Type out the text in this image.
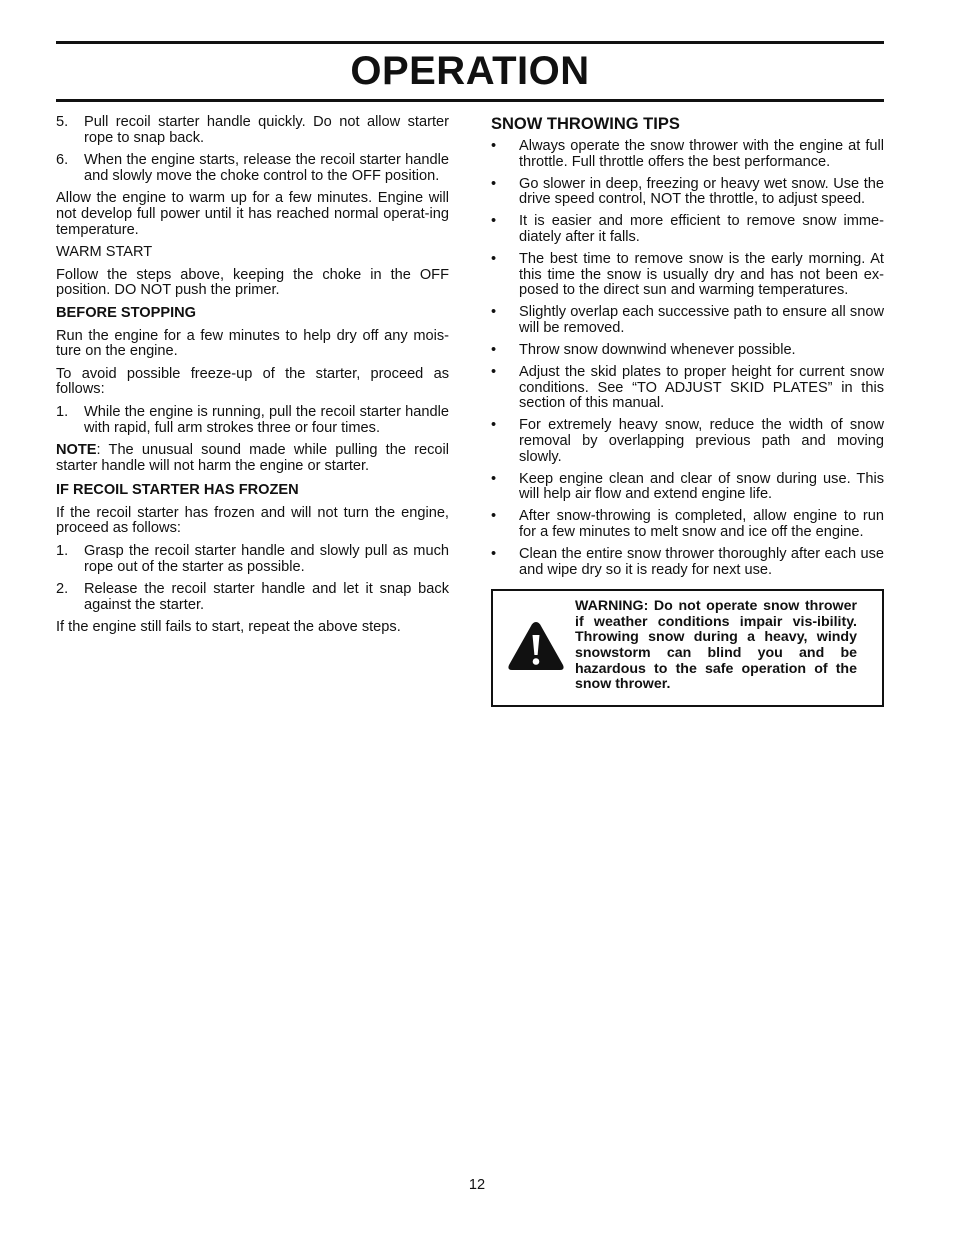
OPERATION
5. Pull recoil starter handle quickly. Do not allow starter rope to snap back.
6. When the engine starts, release the recoil starter handle and slowly move the choke control to the OFF position.

Allow the engine to warm up for a few minutes. Engine will not develop full power until it has reached normal operat-ing temperature.

WARM START

Follow the steps above, keeping the choke in the OFF position. DO NOT push the primer.

BEFORE STOPPING

Run the engine for a few minutes to help dry off any mois-ture on the engine.

To avoid possible freeze-up of the starter, proceed as follows:

1. While the engine is running, pull the recoil starter handle with rapid, full arm strokes three or four times.

NOTE: The unusual sound made while pulling the recoil starter handle will not harm the engine or starter.

IF RECOIL STARTER HAS FROZEN

If the recoil starter has frozen and will not turn the engine, proceed as follows:

1. Grasp the recoil starter handle and slowly pull as much rope out of the starter as possible.
2. Release the recoil starter handle and let it snap back against the starter.

If the engine still fails to start, repeat the above steps.

SNOW THROWING TIPS
• Always operate the snow thrower with the engine at full throttle. Full throttle offers the best performance.
• Go slower in deep, freezing or heavy wet snow. Use the drive speed control, NOT the throttle, to adjust speed.
• It is easier and more efficient to remove snow imme-diately after it falls.
• The best time to remove snow is the early morning. At this time the snow is usually dry and has not been ex-posed to the direct sun and warming temperatures.
• Slightly overlap each successive path to ensure all snow will be removed.
• Throw snow downwind whenever possible.
• Adjust the skid plates to proper height for current snow conditions. See “TO ADJUST SKID PLATES” in this section of this manual.
• For extremely heavy snow, reduce the width of snow removal by overlapping previous path and moving slowly.
• Keep engine clean and clear of snow during use. This will help air flow and extend engine life.
• After snow-throwing is completed, allow engine to run for a few minutes to melt snow and ice off the engine.
• Clean the entire snow thrower thoroughly after each use and wipe dry so it is ready for next use.
WARNING: Do not operate snow thrower if weather conditions impair vis-ibility. Throwing snow during a heavy, windy snowstorm can blind you and be hazardous to the safe operation of the snow thrower.
12
